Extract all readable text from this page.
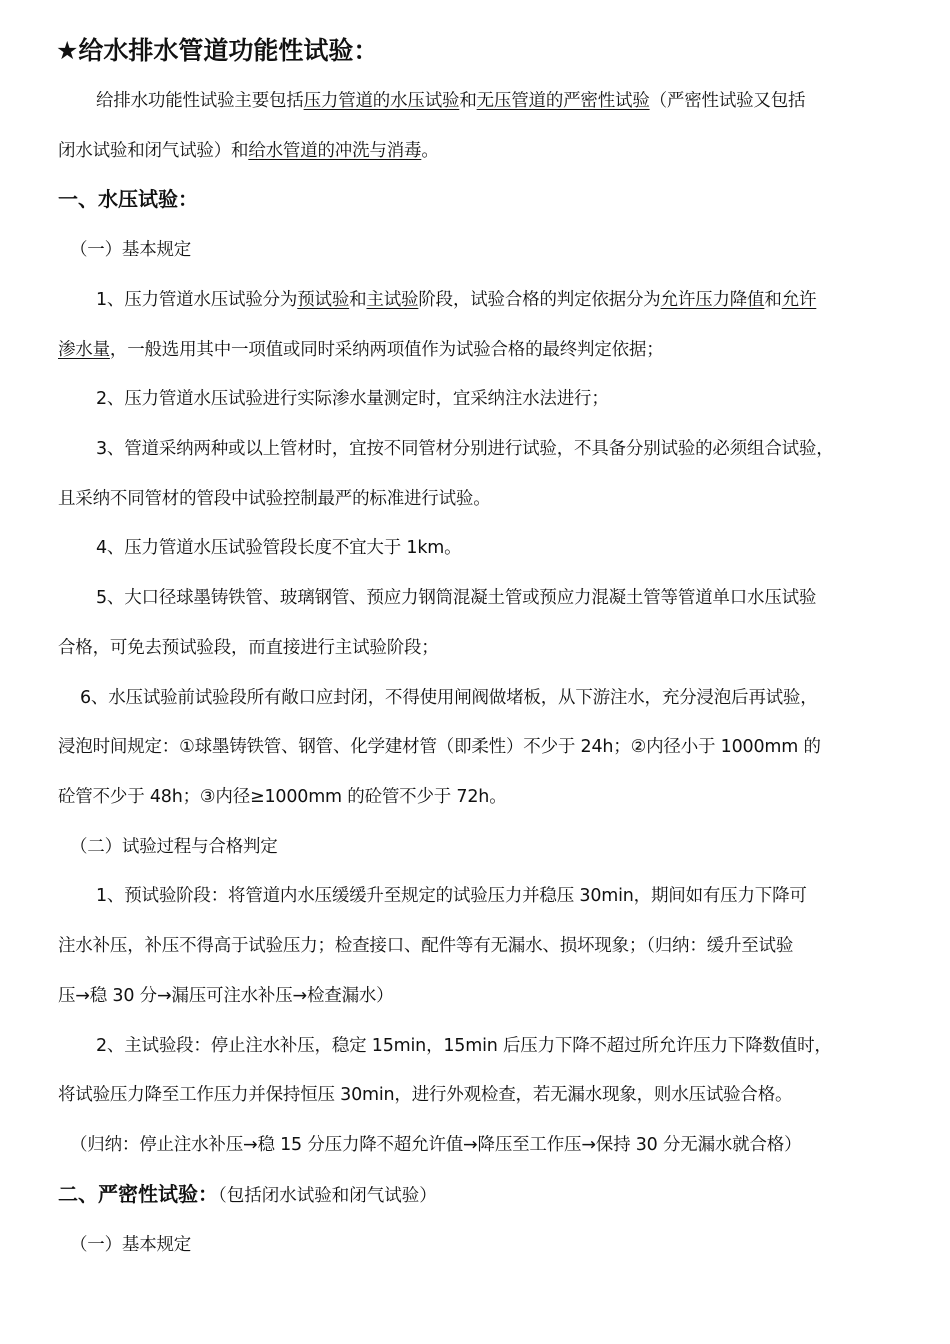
★给水排水管道功能性试验：
给排水功能性试验主要包括压力管道的水压试验和无压管道的严密性试验（严密性试验又包括
闭水试验和闭气试验）和给水管道的冲洗与消毒。
一、水压试验：
（一）基本规定
1、压力管道水压试验分为预试验和主试验阶段，试验合格的判定依据分为允许压力降值和允许
渗水量，一般选用其中一项值或同时采纳两项值作为试验合格的最终判定依据；
2、压力管道水压试验进行实际渗水量测定时，宜采纳注水法进行；
3、管道采纳两种或以上管材时，宜按不同管材分别进行试验，不具备分别试验的必须组合试验，
且采纳不同管材的管段中试验控制最严的标准进行试验。
4、压力管道水压试验管段长度不宜大于 1km。
5、大口径球墨铸铁管、玻璃钢管、预应力钢筒混凝土管或预应力混凝土管等管道单口水压试验
合格，可免去预试验段，而直接进行主试验阶段；
6、水压试验前试验段所有敞口应封闭，不得使用闸阀做堵板，从下游注水，充分浸泡后再试验，
浸泡时间规定：①球墨铸铁管、钢管、化学建材管（即柔性）不少于 24h；②内径小于 1000mm 的
砼管不少于 48h；③内径≥1000mm 的砼管不少于 72h。
（二）试验过程与合格判定
1、预试验阶段：将管道内水压缓缓升至规定的试验压力并稳压 30min，期间如有压力下降可
注水补压，补压不得高于试验压力；检查接口、配件等有无漏水、损坏现象；（归纳：缓升至试验
压→稳 30 分→漏压可注水补压→检查漏水）
2、主试验段：停止注水补压，稳定 15min，15min 后压力下降不超过所允许压力下降数值时，
将试验压力降至工作压力并保持恒压 30min，进行外观检查，若无漏水现象，则水压试验合格。
（归纳：停止注水补压→稳 15 分压力降不超允许值→降压至工作压→保持 30 分无漏水就合格）
二、严密性试验：（包括闭水试验和闭气试验）
（一）基本规定
